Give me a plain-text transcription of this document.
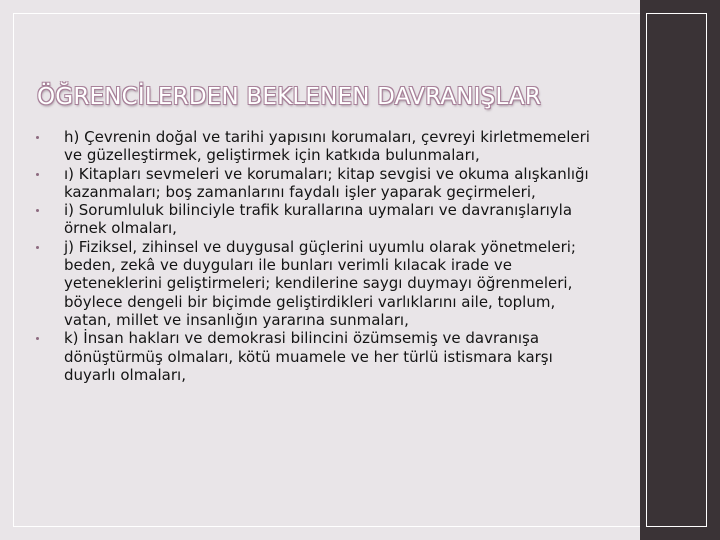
ÖĞRENCİLERDEN BEKLENEN DAVRANIŞLAR
h) Çevrenin doğal ve tarihi yapısını korumaları, çevreyi kirletmemeleri ve güzelleştirmek, geliştirmek için katkıda bulunmaları,
ı) Kitapları sevmeleri ve korumaları; kitap sevgisi ve okuma alışkanlığı kazanmaları; boş zamanlarını faydalı işler yaparak geçirmeleri,
i) Sorumluluk bilinciyle trafik kurallarına uymaları ve davranışlarıyla örnek olmaları,
j) Fiziksel, zihinsel ve duygusal güçlerini uyumlu olarak yönetmeleri; beden, zekâ ve duyguları ile bunları verimli kılacak irade ve yeteneklerini geliştirmeleri; kendilerine saygı duymayı öğrenmeleri, böylece dengeli bir biçimde geliştirdikleri varlıklarını aile, toplum, vatan, millet ve insanlığın yararına sunmaları,
k) İnsan hakları ve demokrasi bilincini özümsemiş ve davranışa dönüştürmüş olmaları, kötü muamele ve her türlü istismara karşı duyarlı olmaları,
